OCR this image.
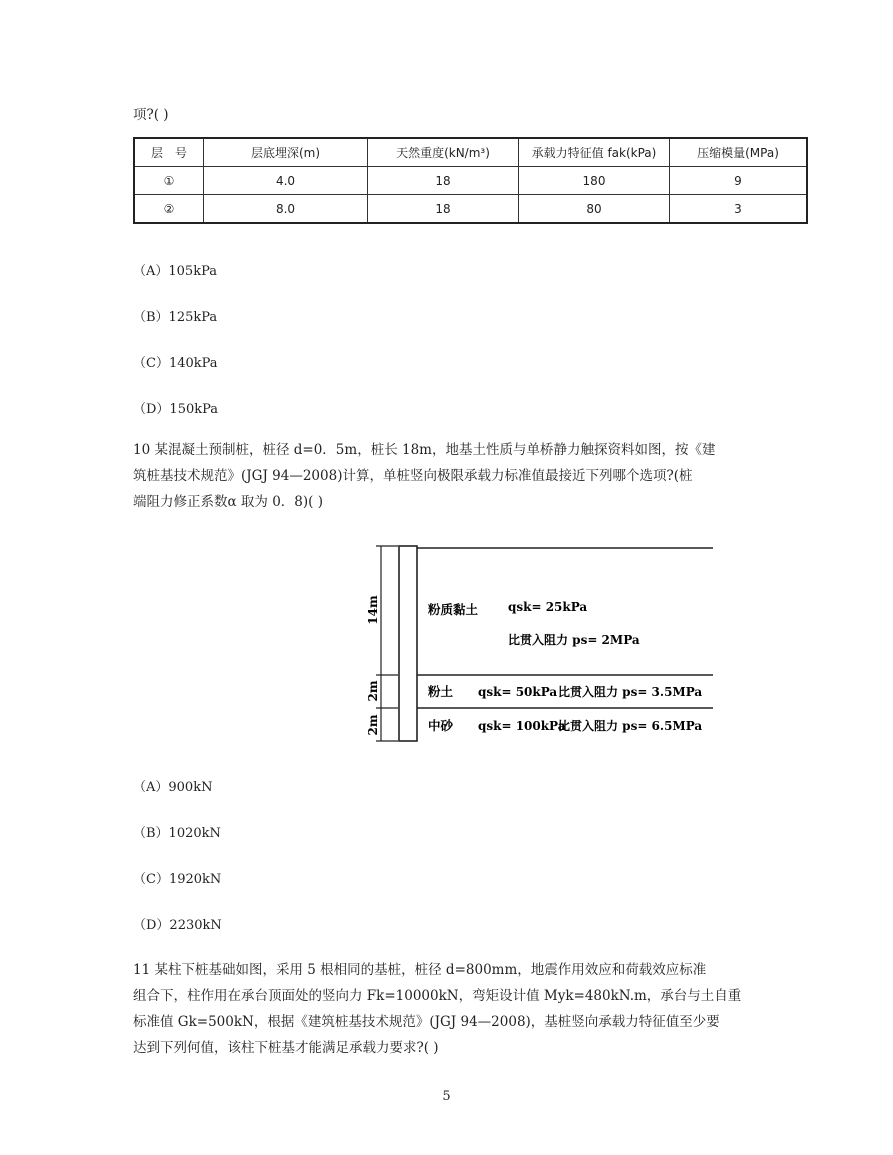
项?( )
层　号	层底埋深(m)	天然重度(kN/m³)	承载力特征值 fak(kPa)	压缩模量(MPa)
①	4.0	18	180	9
②	8.0	18	80	3
（A）105kPa
（B）125kPa
（C）140kPa
（D）150kPa
10 某混凝土预制桩，桩径 d=0．5m，桩长 18m，地基土性质与单桥静力触探资料如图，按《建
筑桩基技术规范》(JGJ 94—2008)计算，单桩竖向极限承载力标准值最接近下列哪个选项?(桩
端阻力修正系数α 取为 0．8)( )
14m
2m
2m
粉质黏土 qsk= 25kPa
比贯入阻力 ps= 2MPa
粉土 qsk= 50kPa 比贯入阻力 ps= 3.5MPa
中砂 qsk= 100kPa
比贯入阻力 ps= 6.5MPa
（A）900kN
（B）1020kN
（C）1920kN
（D）2230kN
11 某柱下桩基础如图，采用 5 根相同的基桩，桩径 d=800mm，地震作用效应和荷载效应标准
组合下，柱作用在承台顶面处的竖向力 Fk=10000kN，弯矩设计值 Myk=480kN.m，承台与土自重
标准值 Gk=500kN，根据《建筑桩基技术规范》(JGJ 94—2008)，基桩竖向承载力特征值至少要
达到下列何值，该柱下桩基才能满足承载力要求?( )
5
